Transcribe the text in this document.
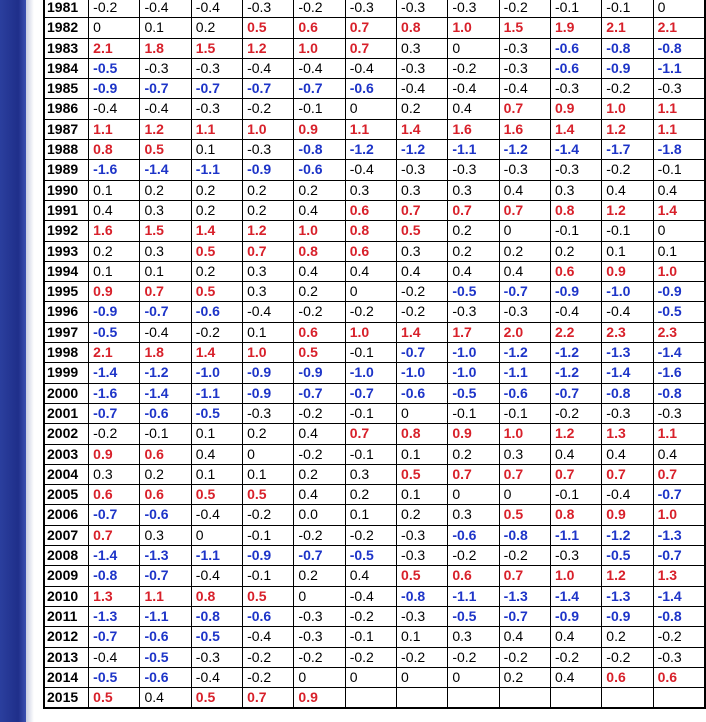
1981	-0.2	-0.4	-0.4	-0.3	-0.2	-0.3	-0.3	-0.3	-0.2	-0.1	-0.1	0
1982	0	0.1	0.2	0.5	0.6	0.7	0.8	1.0	1.5	1.9	2.1	2.1
1983	2.1	1.8	1.5	1.2	1.0	0.7	0.3	0	-0.3	-0.6	-0.8	-0.8
1984	-0.5	-0.3	-0.3	-0.4	-0.4	-0.4	-0.3	-0.2	-0.3	-0.6	-0.9	-1.1
1985	-0.9	-0.7	-0.7	-0.7	-0.7	-0.6	-0.4	-0.4	-0.4	-0.3	-0.2	-0.3
1986	-0.4	-0.4	-0.3	-0.2	-0.1	0	0.2	0.4	0.7	0.9	1.0	1.1
1987	1.1	1.2	1.1	1.0	0.9	1.1	1.4	1.6	1.6	1.4	1.2	1.1
1988	0.8	0.5	0.1	-0.3	-0.8	-1.2	-1.2	-1.1	-1.2	-1.4	-1.7	-1.8
1989	-1.6	-1.4	-1.1	-0.9	-0.6	-0.4	-0.3	-0.3	-0.3	-0.3	-0.2	-0.1
1990	0.1	0.2	0.2	0.2	0.2	0.3	0.3	0.3	0.4	0.3	0.4	0.4
1991	0.4	0.3	0.2	0.2	0.4	0.6	0.7	0.7	0.7	0.8	1.2	1.4
1992	1.6	1.5	1.4	1.2	1.0	0.8	0.5	0.2	0	-0.1	-0.1	0
1993	0.2	0.3	0.5	0.7	0.8	0.6	0.3	0.2	0.2	0.2	0.1	0.1
1994	0.1	0.1	0.2	0.3	0.4	0.4	0.4	0.4	0.4	0.6	0.9	1.0
1995	0.9	0.7	0.5	0.3	0.2	0	-0.2	-0.5	-0.7	-0.9	-1.0	-0.9
1996	-0.9	-0.7	-0.6	-0.4	-0.2	-0.2	-0.2	-0.3	-0.3	-0.4	-0.4	-0.5
1997	-0.5	-0.4	-0.2	0.1	0.6	1.0	1.4	1.7	2.0	2.2	2.3	2.3
1998	2.1	1.8	1.4	1.0	0.5	-0.1	-0.7	-1.0	-1.2	-1.2	-1.3	-1.4
1999	-1.4	-1.2	-1.0	-0.9	-0.9	-1.0	-1.0	-1.0	-1.1	-1.2	-1.4	-1.6
2000	-1.6	-1.4	-1.1	-0.9	-0.7	-0.7	-0.6	-0.5	-0.6	-0.7	-0.8	-0.8
2001	-0.7	-0.6	-0.5	-0.3	-0.2	-0.1	0	-0.1	-0.1	-0.2	-0.3	-0.3
2002	-0.2	-0.1	0.1	0.2	0.4	0.7	0.8	0.9	1.0	1.2	1.3	1.1
2003	0.9	0.6	0.4	0	-0.2	-0.1	0.1	0.2	0.3	0.4	0.4	0.4
2004	0.3	0.2	0.1	0.1	0.2	0.3	0.5	0.7	0.7	0.7	0.7	0.7
2005	0.6	0.6	0.5	0.5	0.4	0.2	0.1	0	0	-0.1	-0.4	-0.7
2006	-0.7	-0.6	-0.4	-0.2	0.0	0.1	0.2	0.3	0.5	0.8	0.9	1.0
2007	0.7	0.3	0	-0.1	-0.2	-0.2	-0.3	-0.6	-0.8	-1.1	-1.2	-1.3
2008	-1.4	-1.3	-1.1	-0.9	-0.7	-0.5	-0.3	-0.2	-0.2	-0.3	-0.5	-0.7
2009	-0.8	-0.7	-0.4	-0.1	0.2	0.4	0.5	0.6	0.7	1.0	1.2	1.3
2010	1.3	1.1	0.8	0.5	0	-0.4	-0.8	-1.1	-1.3	-1.4	-1.3	-1.4
2011	-1.3	-1.1	-0.8	-0.6	-0.3	-0.2	-0.3	-0.5	-0.7	-0.9	-0.9	-0.8
2012	-0.7	-0.6	-0.5	-0.4	-0.3	-0.1	0.1	0.3	0.4	0.4	0.2	-0.2
2013	-0.4	-0.5	-0.3	-0.2	-0.2	-0.2	-0.2	-0.2	-0.2	-0.2	-0.2	-0.3
2014	-0.5	-0.6	-0.4	-0.2	0	0	0	0	0.2	0.4	0.6	0.6
2015	0.5	0.4	0.5	0.7	0.9							
